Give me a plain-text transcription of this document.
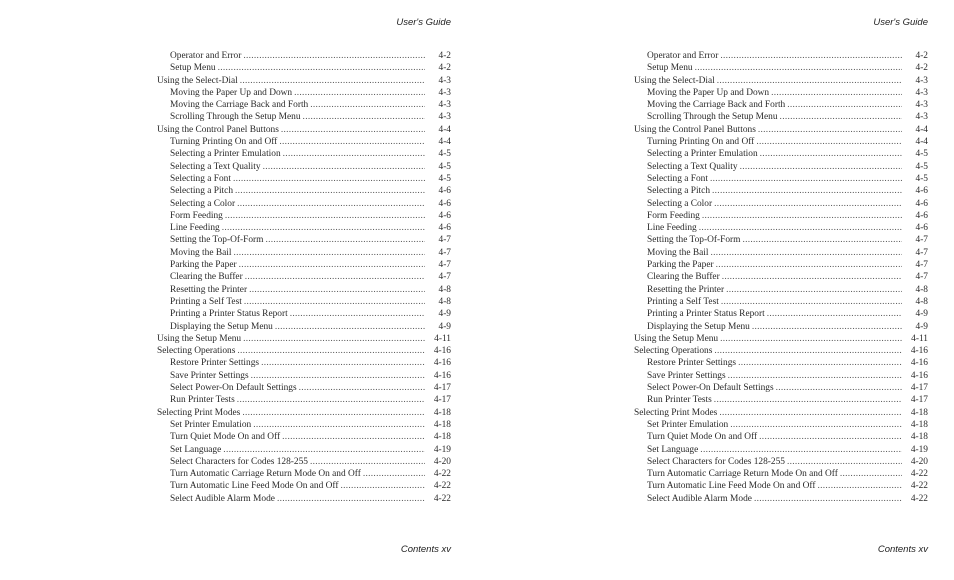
User's Guide
Operator and Error .....	4-2
Setup Menu .....	4-2
Using the Select-Dial .....	4-3
Moving the Paper Up and Down .....	4-3
Moving the Carriage Back and Forth .....	4-3
Scrolling Through the Setup Menu .....	4-3
Using the Control Panel Buttons .....	4-4
Turning Printing On and Off .....	4-4
Selecting a Printer Emulation .....	4-5
Selecting a Text Quality .....	4-5
Selecting a Font .....	4-5
Selecting a Pitch .....	4-6
Selecting a Color .....	4-6
Form Feeding .....	4-6
Line Feeding .....	4-6
Setting the Top-Of-Form .....	4-7
Moving the Bail .....	4-7
Parking the Paper .....	4-7
Clearing the Buffer .....	4-7
Resetting the Printer .....	4-8
Printing a Self Test .....	4-8
Printing a Printer Status Report .....	4-9
Displaying the Setup Menu .....	4-9
Using the Setup Menu .....	4-11
Selecting Operations .....	4-16
Restore Printer Settings .....	4-16
Save Printer Settings .....	4-16
Select Power-On Default Settings .....	4-17
Run Printer Tests .....	4-17
Selecting Print Modes .....	4-18
Set Printer Emulation .....	4-18
Turn Quiet Mode On and Off .....	4-18
Set Language .....	4-19
Select Characters for Codes 128-255 .....	4-20
Turn Automatic Carriage Return Mode On and Off .....	4-22
Turn Automatic Line Feed Mode On and Off .....	4-22
Select Audible Alarm Mode .....	4-22
Contents xv
User's Guide
Operator and Error .....	4-2
Setup Menu .....	4-2
Using the Select-Dial .....	4-3
Moving the Paper Up and Down .....	4-3
Moving the Carriage Back and Forth .....	4-3
Scrolling Through the Setup Menu .....	4-3
Using the Control Panel Buttons .....	4-4
Turning Printing On and Off .....	4-4
Selecting a Printer Emulation .....	4-5
Selecting a Text Quality .....	4-5
Selecting a Font .....	4-5
Selecting a Pitch .....	4-6
Selecting a Color .....	4-6
Form Feeding .....	4-6
Line Feeding .....	4-6
Setting the Top-Of-Form .....	4-7
Moving the Bail .....	4-7
Parking the Paper .....	4-7
Clearing the Buffer .....	4-7
Resetting the Printer .....	4-8
Printing a Self Test .....	4-8
Printing a Printer Status Report .....	4-9
Displaying the Setup Menu .....	4-9
Using the Setup Menu .....	4-11
Selecting Operations .....	4-16
Restore Printer Settings .....	4-16
Save Printer Settings .....	4-16
Select Power-On Default Settings .....	4-17
Run Printer Tests .....	4-17
Selecting Print Modes .....	4-18
Set Printer Emulation .....	4-18
Turn Quiet Mode On and Off .....	4-18
Set Language .....	4-19
Select Characters for Codes 128-255 .....	4-20
Turn Automatic Carriage Return Mode On and Off .....	4-22
Turn Automatic Line Feed Mode On and Off .....	4-22
Select Audible Alarm Mode .....	4-22
Contents xv
